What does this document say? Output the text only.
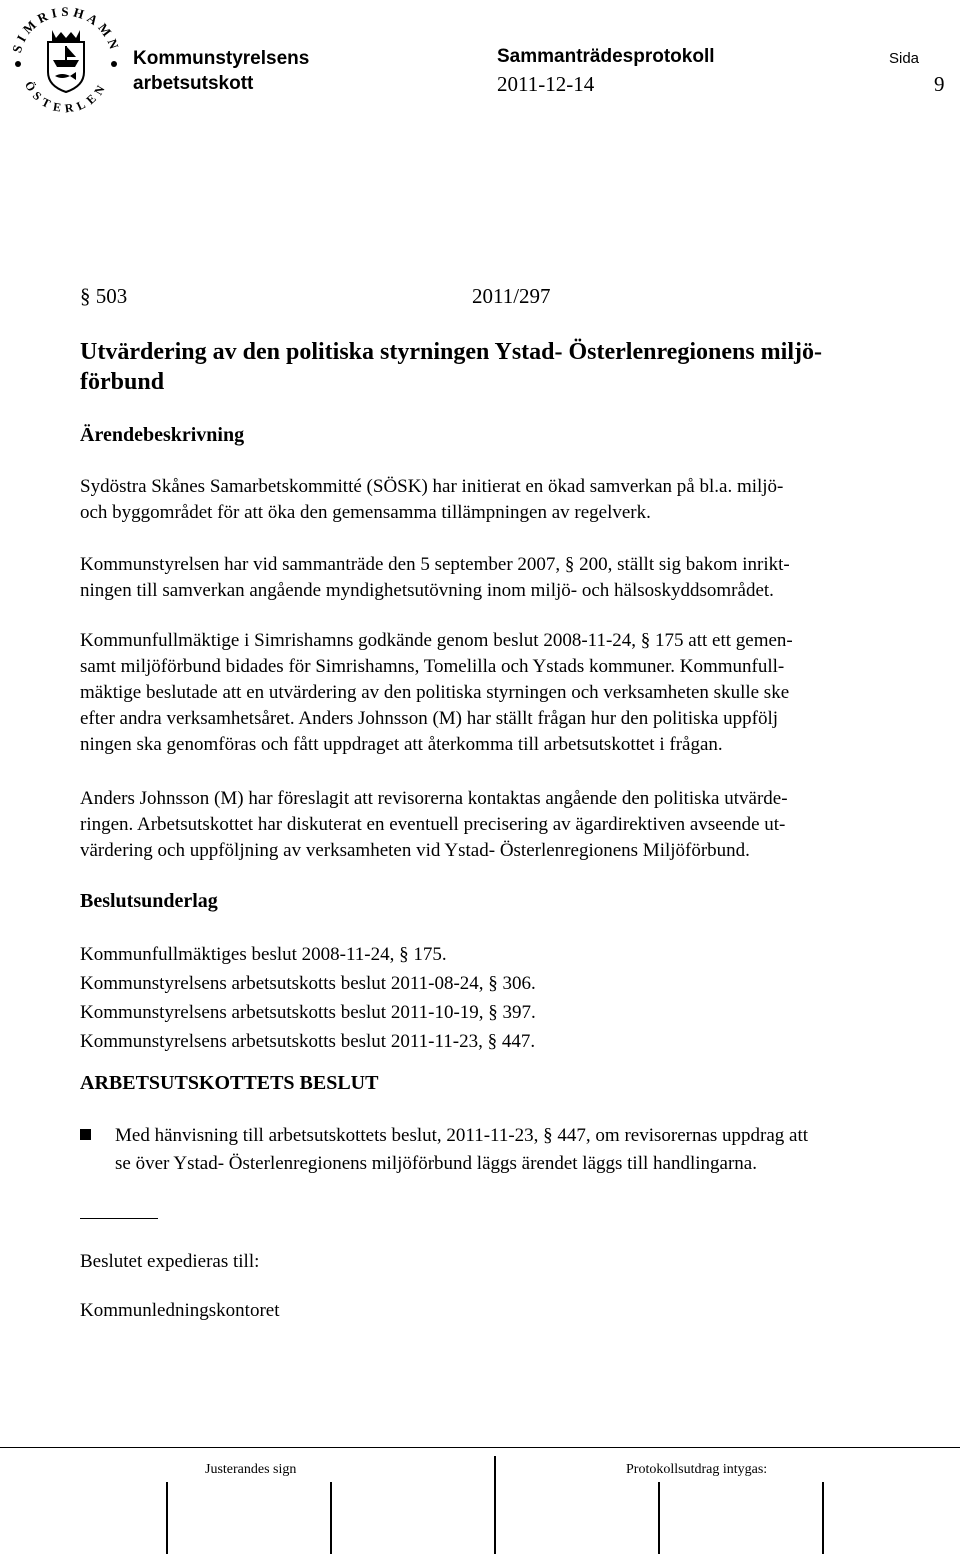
SIMRISHAMN
ÖSTERLEN
Kommunstyrelsens
arbetsutskott
Sammanträdesprotokoll
2011-12-14
Sida
9
§ 503	2011/297
Utvärdering av den politiska styrningen Ystad- Österlenregionens miljö-
förbund
Ärendebeskrivning
Sydöstra Skånes Samarbetskommitté (SÖSK) har initierat en ökad samverkan på bl.a. miljö-
och byggområdet för att öka den gemensamma tillämpningen av regelverk.
Kommunstyrelsen har vid sammanträde den 5 september 2007, § 200, ställt sig bakom inrikt-
ningen till samverkan angående myndighetsutövning inom miljö- och hälsoskyddsområdet.
Kommunfullmäktige i Simrishamns godkände genom beslut 2008-11-24, § 175 att ett gemen-
samt miljöförbund bidades för Simrishamns, Tomelilla och Ystads kommuner. Kommunfull-
mäktige beslutade att en utvärdering av den politiska styrningen och verksamheten skulle ske
efter andra verksamhetsåret. Anders Johnsson (M) har ställt frågan hur den politiska uppfölj
ningen ska genomföras och fått uppdraget att återkomma till arbetsutskottet i frågan.
Anders Johnsson (M) har föreslagit att revisorerna kontaktas angående den politiska utvärde-
ringen. Arbetsutskottet har diskuterat en eventuell precisering av ägardirektiven avseende ut-
värdering och uppföljning av verksamheten vid Ystad- Österlenregionens Miljöförbund.
Beslutsunderlag
Kommunfullmäktiges beslut 2008-11-24, § 175.
Kommunstyrelsens arbetsutskotts beslut 2011-08-24, § 306.
Kommunstyrelsens arbetsutskotts beslut 2011-10-19, § 397.
Kommunstyrelsens arbetsutskotts beslut 2011-11-23, § 447.
ARBETSUTSKOTTETS BESLUT
Med hänvisning till arbetsutskottets beslut, 2011-11-23, § 447, om revisorernas uppdrag att
se över Ystad- Österlenregionens miljöförbund läggs ärendet läggs till handlingarna.
Beslutet expedieras till:
Kommunledningskontoret
Justerandes sign	Protokollsutdrag intygas:
